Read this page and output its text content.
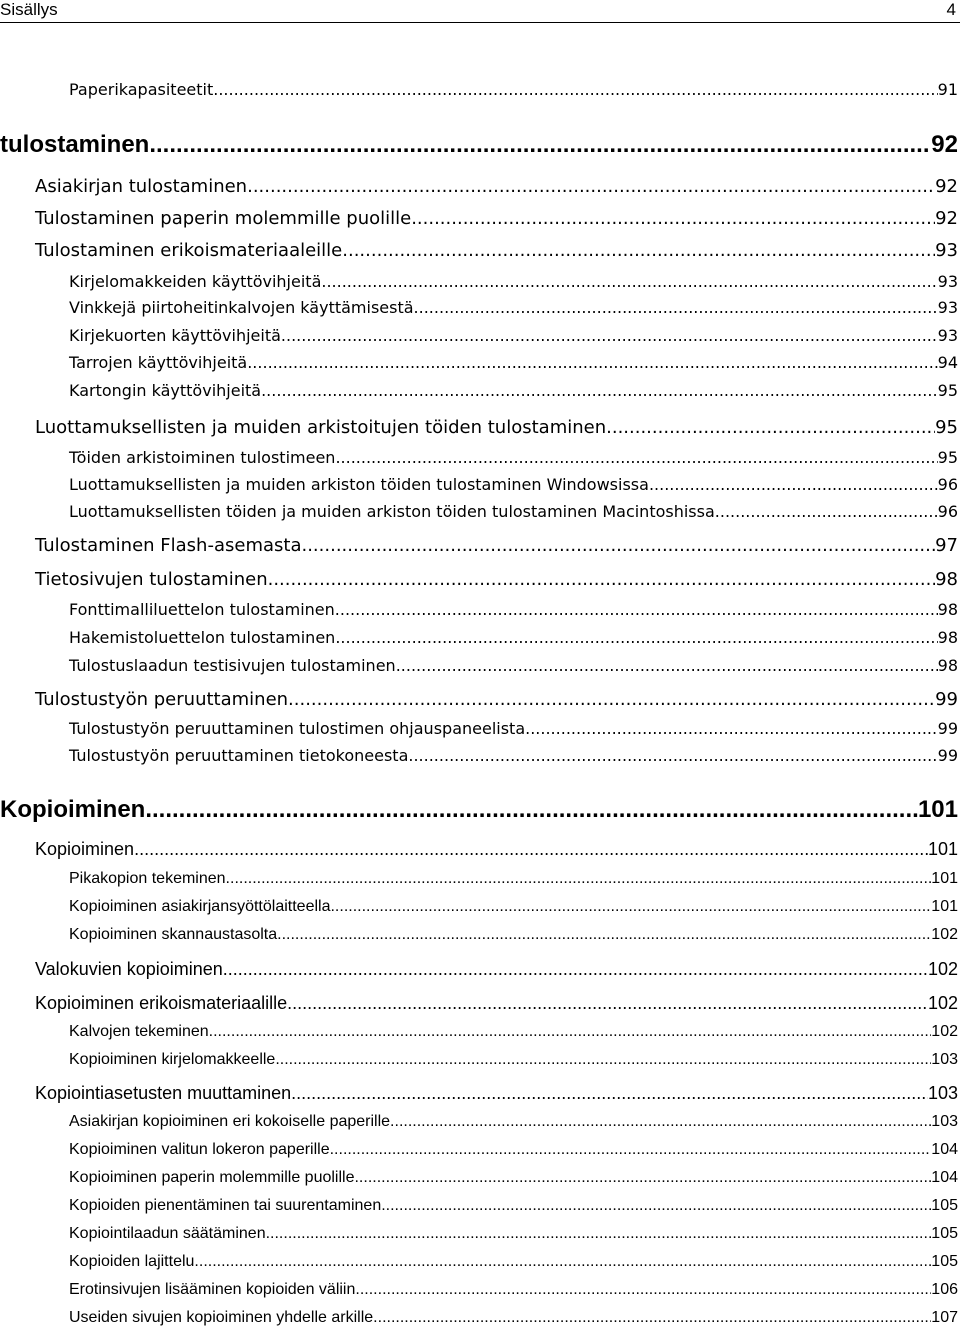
Sisällys	4
Paperikapasiteetit .....	91
tulostaminen .....	92
Asiakirjan tulostaminen .....	92
Tulostaminen paperin molemmille puolille .....	92
Tulostaminen erikoismateriaaleille .....	93
Kirjelomakkeiden käyttövihjeitä .....	93
Vinkkejä piirtoheitinkalvojen käyttämisestä .....	93
Kirjekuorten käyttövihjeitä .....	93
Tarrojen käyttövihjeitä .....	94
Kartongin käyttövihjeitä .....	95
Luottamuksellisten ja muiden arkistoitujen töiden tulostaminen .....	95
Töiden arkistoiminen tulostimeen .....	95
Luottamuksellisten ja muiden arkiston töiden tulostaminen Windowsissa .....	96
Luottamuksellisten töiden ja muiden arkiston töiden tulostaminen Macintoshissa .....	96
Tulostaminen Flash-asemasta .....	97
Tietosivujen tulostaminen .....	98
Fonttimalliluettelon tulostaminen .....	98
Hakemistoluettelon tulostaminen .....	98
Tulostuslaadun testisivujen tulostaminen .....	98
Tulostustyön peruuttaminen .....	99
Tulostustyön peruuttaminen tulostimen ohjauspaneelista .....	99
Tulostustyön peruuttaminen tietokoneesta .....	99
Kopioiminen .....	101
Kopioiminen .....	101
Pikakopion tekeminen .....	101
Kopioiminen asiakirjansyöttölaitteella .....	101
Kopioiminen skannaustasolta .....	102
Valokuvien kopioiminen .....	102
Kopioiminen erikoismateriaalille .....	102
Kalvojen tekeminen .....	102
Kopioiminen kirjelomakkeelle .....	103
Kopiointiasetusten muuttaminen .....	103
Asiakirjan kopioiminen eri kokoiselle paperille .....	103
Kopioiminen valitun lokeron paperille .....	104
Kopioiminen paperin molemmille puolille .....	104
Kopioiden pienentäminen tai suurentaminen .....	105
Kopiointilaadun säätäminen .....	105
Kopioiden lajittelu .....	105
Erotinsivujen lisääminen kopioiden väliin .....	106
Useiden sivujen kopioiminen yhdelle arkille .....	107
